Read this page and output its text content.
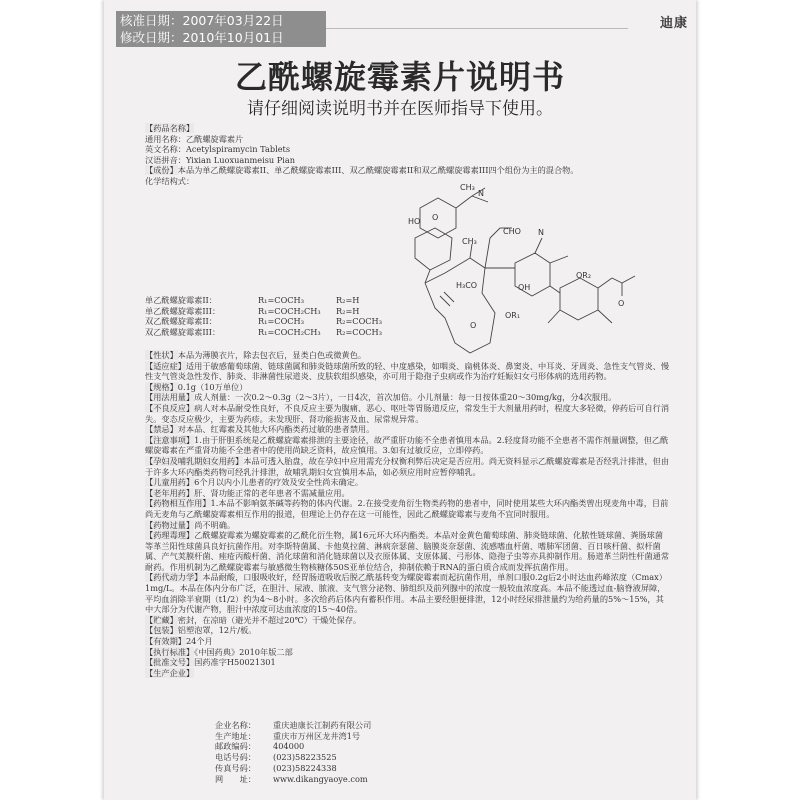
核准日期：2007年03月22日
修改日期：2010年10月01日
迪康
乙酰螺旋霉素片说明书
请仔细阅读说明书并在医师指导下使用。
【药品名称】
通用名称：乙酰螺旋霉素片
英文名称：Acetylspiramycin Tablets
汉语拼音：Yixian Luoxuanmeisu Pian
【成份】本品为单乙酰螺旋霉素II、单乙酰螺旋霉素III、双乙酰螺旋霉素II和双乙酰螺旋霉素III四个组份为主的混合物。
化学结构式：
N
CH₃
O
HO
CHO
CH₃
H₃CO
OR₁
N
OR₂
OH
O
O
单乙酰螺旋霉素II：	R₁=COCH₃	R₂=H
单乙酰螺旋霉素III：	R₁=COCH₂CH₃	R₂=H
双乙酰螺旋霉素II：	R₁=COCH₃	R₂=COCH₃
双乙酰螺旋霉素III：	R₁=COCH₂CH₃	R₂=COCH₃
【性状】本品为薄膜衣片，除去包衣后，显类白色或微黄色。
【适应症】适用于敏感葡萄球菌、链球菌属和肺炎链球菌所致的轻、中度感染，如咽炎、扁桃体炎、鼻窦炎、中耳炎、牙周炎、急性支气管炎、慢性支气管炎急性发作、肺炎、非淋菌性尿道炎、皮肤软组织感染，亦可用于隐孢子虫病或作为治疗妊娠妇女弓形体病的选用药物。
【规格】0.1g（10万单位）
【用法用量】成人剂量：一次0.2～0.3g（2～3片），一日4次，首次加倍。小儿剂量：每一日按体重20～30mg/kg，分4次服用。
【不良反应】病人对本品耐受性良好，不良反应主要为腹痛、恶心、呕吐等胃肠道反应，常发生于大剂量用药时，程度大多轻微，停药后可自行消失。变态反应极少，主要为药疹。未发现肝、肾功能损害及血、尿常规异常。
【禁忌】对本品、红霉素及其他大环内酯类药过敏的患者禁用。
【注意事项】1.由于肝胆系统是乙酰螺旋霉素排泄的主要途径，故严重肝功能不全患者慎用本品。2.轻度肾功能不全患者不需作剂量调整，但乙酰螺旋霉素在严重肾功能不全患者中的使用尚缺乏资料，故应慎用。3.如有过敏反应，立即停药。
【孕妇及哺乳期妇女用药】本品可透入胎盘，故在孕妇中应用需充分权衡利弊后决定是否应用。尚无资料显示乙酰螺旋霉素是否经乳汁排泄，但由于许多大环内酯类药物可经乳汁排泄，故哺乳期妇女宜慎用本品，如必须应用时应暂停哺乳。
【儿童用药】6个月以内小儿患者的疗效及安全性尚未确定。
【老年用药】肝、肾功能正常的老年患者不需减量应用。
【药物相互作用】1.本品不影响氨茶碱等药物的体内代谢。2.在接受麦角衍生物类药物的患者中，同时使用某些大环内酯类曾出现麦角中毒，目前尚无麦角与乙酰螺旋霉素相互作用的报道，但理论上仍存在这一可能性，因此乙酰螺旋霉素与麦角不宜同时服用。
【药物过量】尚不明确。
【药理毒理】乙酰螺旋霉素为螺旋霉素的乙酰化衍生物，属16元环大环内酯类。本品对金黄色葡萄球菌、肺炎链球菌、化脓性链球菌、粪肠球菌等革兰阳性球菌具良好抗菌作用。对李斯特菌属、卡他莫拉菌、淋病奈瑟菌、脑膜炎奈瑟菌、流感嗜血杆菌、嗜肺军团菌、百日咳杆菌、拟杆菌属、产气荚膜杆菌、痤疮丙酸杆菌、消化球菌和消化链球菌以及衣原体属、支原体属、弓形体、隐孢子虫等亦具抑制作用。肠道革兰阴性杆菌通常耐药。作用机制为乙酰螺旋霉素与敏感微生物核糖体50S亚单位结合，抑制依赖于RNA的蛋白质合成而发挥抗菌作用。
【药代动力学】本品耐酸，口服吸收好，经胃肠道吸收后脱乙酰基转变为螺旋霉素而起抗菌作用，单剂口服0.2g后2小时达血药峰浓度（Cmax）1mg/L。本品在体内分布广泛，在胆汁、尿液、脓液、支气管分泌物、肺组织及前列腺中的浓度一般较血浓度高。本品不能透过血-脑脊液屏障，平均血消除半衰期（t1/2）约为4～8小时。多次给药后体内有蓄积作用。本品主要经胆便排泄，12小时经尿排泄量约为给药量的5%～15%，其中大部分为代谢产物，胆汁中浓度可达血浓度的15～40倍。
【贮藏】密封，在凉暗（避光并不超过20℃）干燥处保存。
【包装】铝塑泡罩，12片/板。
【有效期】24个月
【执行标准】《中国药典》2010年版二部
【批准文号】国药准字H50021301
【生产企业】
企业名称：	重庆迪康长江制药有限公司
生产地址：	重庆市万州区龙井湾1号
邮政编码：	404000
电话号码：	(023)58223525
传真号码：	(023)58224338
网　　址：	www.dikangyaoye.com
